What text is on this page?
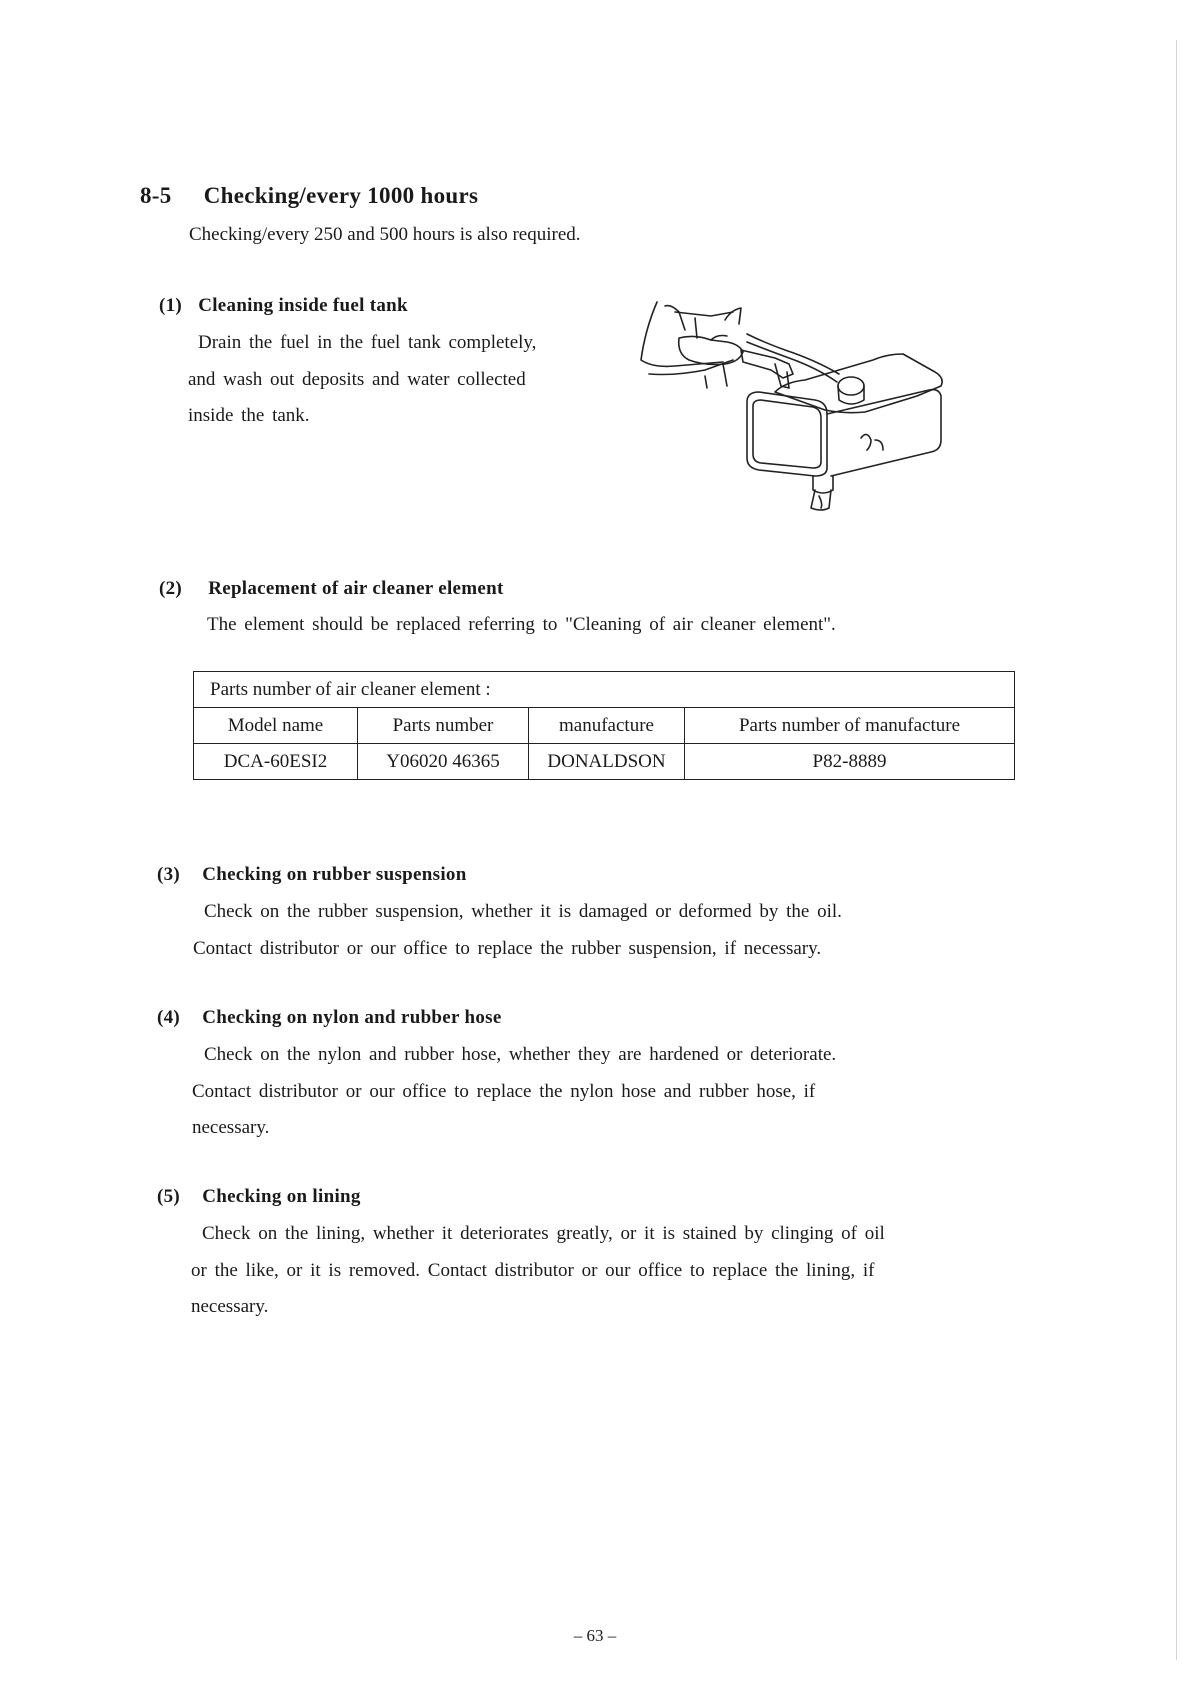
8-5 Checking/every 1000 hours
Checking/every 250 and 500 hours is also required.
(1) Cleaning inside fuel tank
Drain the fuel in the fuel tank completely,
and wash out deposits and water collected
inside the tank.
(2) Replacement of air cleaner element
The element should be replaced referring to "Cleaning of air cleaner element".
Parts number of air cleaner element :			
Model name	Parts number	manufacture	Parts number of manufacture
DCA-60ESI2	Y06020 46365	DONALDSON	P82-8889
(3) Checking on rubber suspension
Check on the rubber suspension, whether it is damaged or deformed by the oil.
Contact distributor or our office to replace the rubber suspension, if necessary.
(4) Checking on nylon and rubber hose
Check on the nylon and rubber hose, whether they are hardened or deteriorate.
Contact distributor or our office to replace the nylon hose and rubber hose, if
necessary.
(5) Checking on lining
Check on the lining, whether it deteriorates greatly, or it is stained by clinging of oil
or the like, or it is removed. Contact distributor or our office to replace the lining, if
necessary.
– 63 –
